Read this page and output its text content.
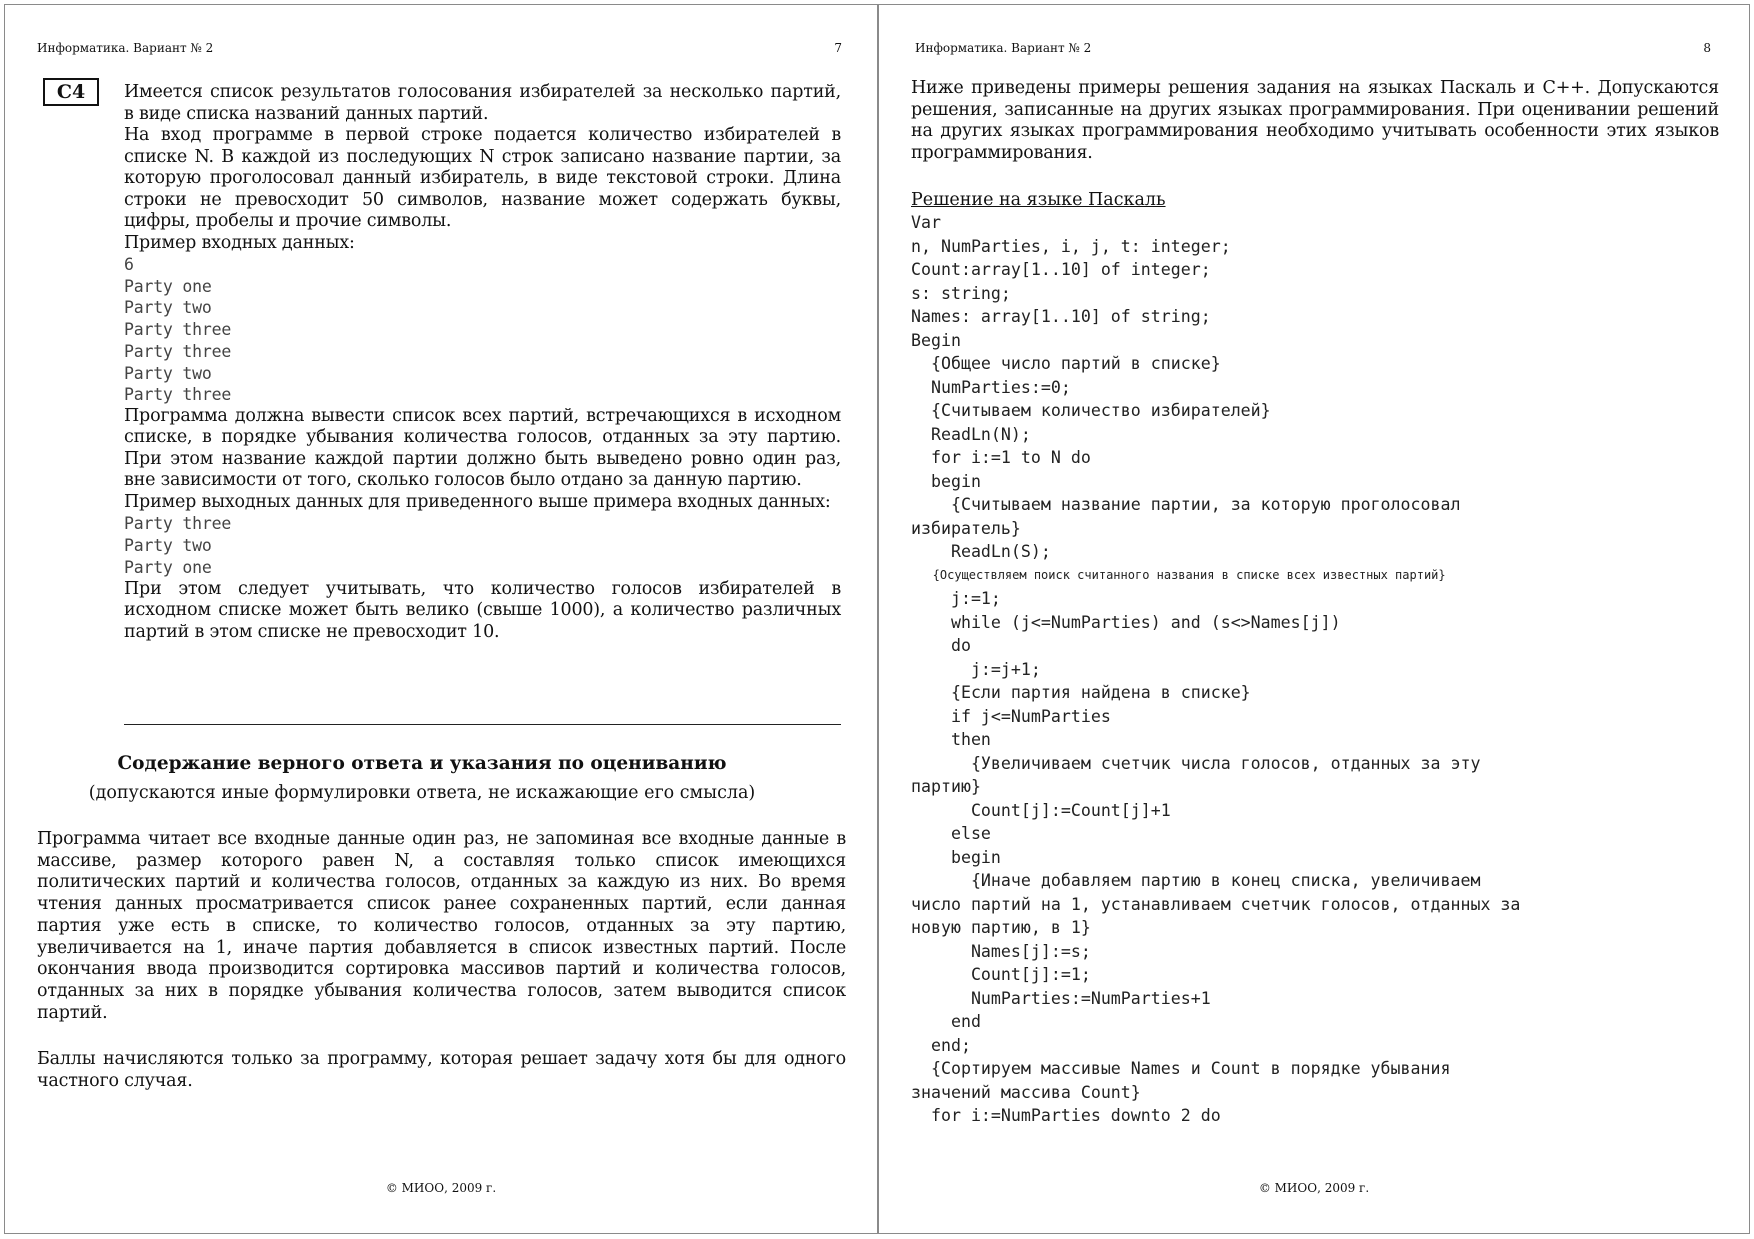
Информатика. Вариант № 2	7
С4	Имеется список результатов голосования избирателей за несколько партий, в виде списка названий данных партий.

На вход программе в первой строке подается количество избирателей в списке N. В каждой из последующих N строк записано название партии, за которую проголосовал данный избиратель, в виде текстовой строки. Длина строки не превосходит 50 символов, название может содержать буквы, цифры, пробелы и прочие символы.

Пример входных данных:

6
Party one
Party two
Party three
Party three
Party two
Party three

Программа должна вывести список всех партий, встречающихся в исходном списке, в порядке убывания количества голосов, отданных за эту партию. При этом название каждой партии должно быть выведено ровно один раз, вне зависимости от того, сколько голосов было отдано за данную партию.

Пример выходных данных для приведенного выше примера входных данных:

Party three
Party two
Party one

При этом следует учитывать, что количество голосов избирателей в исходном списке может быть велико (свыше 1000), а количество различных партий в этом списке не превосходит 10.

Содержание верного ответа и указания по оцениванию
(допускаются иные формулировки ответа, не искажающие его смысла)

Программа читает все входные данные один раз, не запоминая все входные данные в массиве, размер которого равен N, а составляя только список имеющихся политических партий и количества голосов, отданных за каждую из них. Во время чтения данных просматривается список ранее сохраненных партий, если данная партия уже есть в списке, то количество голосов, отданных за эту партию, увеличивается на 1, иначе партия добавляется в список известных партий. После окончания ввода производится сортировка массивов партий и количества голосов, отданных за них в порядке убывания количества голосов, затем выводится список партий.

Баллы начисляются только за программу, которая решает задачу хотя бы для одного частного случая.

© МИОО, 2009 г.
Информатика. Вариант № 2	8

Ниже приведены примеры решения задания на языках Паскаль и С++. Допускаются решения, записанные на других языках программирования. При оценивании решений на других языках программирования необходимо учитывать особенности этих языков программирования.

Решение на языке Паскаль
Var
n, NumParties, i, j, t: integer;
Count:array[1..10] of integer;
s: string;
Names: array[1..10] of string;
Begin
{Общее число партий в списке}
NumParties:=0;
{Считываем количество избирателей}
ReadLn(N);
for i:=1 to N do
begin
{Считываем название партии, за которую проголосовал
избиратель}
ReadLn(S);
{Осуществляем поиск считанного названия в списке всех известных партий}
j:=1;
while (j<=NumParties) and (s<>Names[j])
do
j:=j+1;
{Если партия найдена в списке}
if j<=NumParties
then
{Увеличиваем счетчик числа голосов, отданных за эту
партию}
Count[j]:=Count[j]+1
else
begin
{Иначе добавляем партию в конец списка, увеличиваем
число партий на 1, устанавливаем счетчик голосов, отданных за
новую партию, в 1}
Names[j]:=s;
Count[j]:=1;
NumParties:=NumParties+1
end
end;
{Сортируем массивые Names и Count в порядке убывания
значений массива Count}
for i:=NumParties downto 2 do
© МИОО, 2009 г.
